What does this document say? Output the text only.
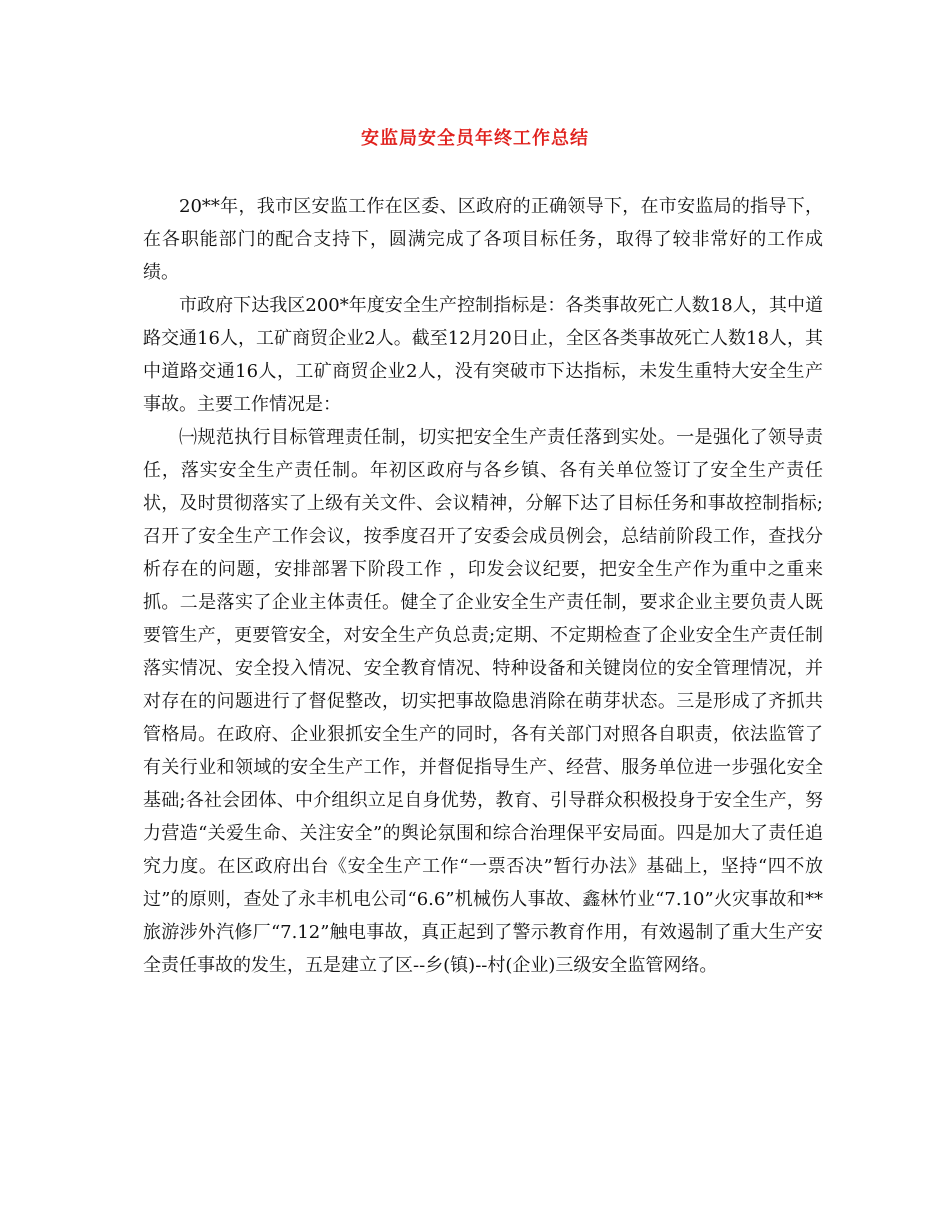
安监局安全员年终工作总结

20**年，我市区安监工作在区委、区政府的正确领导下，在市安监局的指导下，在各职能部门的配合支持下，圆满完成了各项目标任务，取得了较非常好的工作成绩。

市政府下达我区200*年度安全生产控制指标是：各类事故死亡人数18人，其中道路交通16人，工矿商贸企业2人。截至12月20日止，全区各类事故死亡人数18人，其中道路交通16人，工矿商贸企业2人，没有突破市下达指标，未发生重特大安全生产事故。主要工作情况是：

㈠规范执行目标管理责任制，切实把安全生产责任落到实处。一是强化了领导责任，落实安全生产责任制。年初区政府与各乡镇、各有关单位签订了安全生产责任状，及时贯彻落实了上级有关文件、会议精神，分解下达了目标任务和事故控制指标;召开了安全生产工作会议，按季度召开了安委会成员例会，总结前阶段工作，查找分析存在的问题，安排部署下阶段工作 ，印发会议纪要，把安全生产作为重中之重来抓。二是落实了企业主体责任。健全了企业安全生产责任制，要求企业主要负责人既要管生产，更要管安全，对安全生产负总责;定期、不定期检查了企业安全生产责任制落实情况、安全投入情况、安全教育情况、特种设备和关键岗位的安全管理情况，并对存在的问题进行了督促整改，切实把事故隐患消除在萌芽状态。三是形成了齐抓共管格局。在政府、企业狠抓安全生产的同时，各有关部门对照各自职责，依法监管了有关行业和领域的安全生产工作，并督促指导生产、经营、服务单位进一步强化安全基础;各社会团体、中介组织立足自身优势，教育、引导群众积极投身于安全生产，努力营造“关爱生命、关注安全”的舆论氛围和综合治理保平安局面。四是加大了责任追究力度。在区政府出台《安全生产工作“一票否决”暂行办法》基础上，坚持“四不放过”的原则，查处了永丰机电公司“6.6”机械伤人事故、鑫林竹业“7.10”火灾事故和**旅游涉外汽修厂“7.12”触电事故，真正起到了警示教育作用，有效遏制了重大生产安全责任事故的发生，五是建立了区--乡(镇)--村(企业)三级安全监管网络。
